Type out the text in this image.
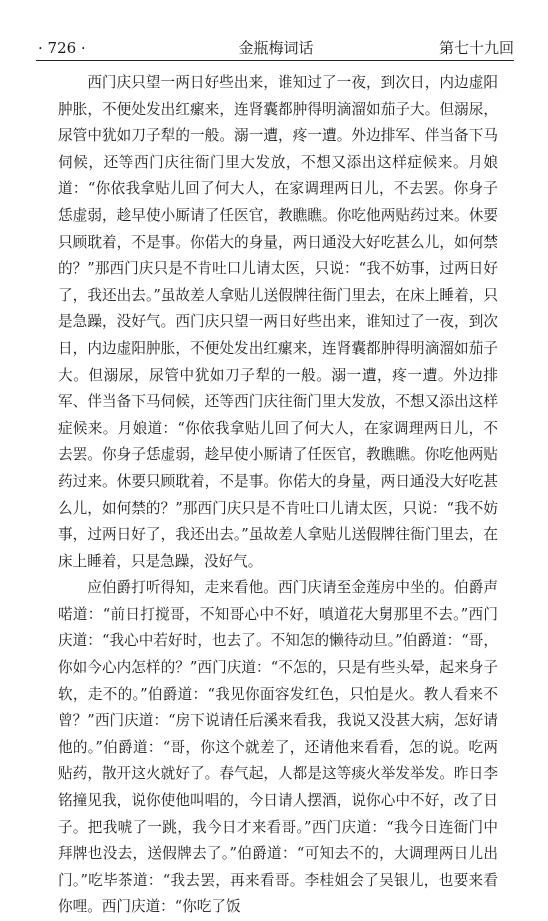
· 726 ·	金瓶梅词话	第七十九回

西门庆只望一两日好些出来，谁知过了一夜，到次日，内边虚阳肿胀，不便处发出红瘰来，连肾囊都肿得明滴溜如茄子大。但溺尿，尿管中犹如刀子犁的一般。溺一遭，疼一遭。外边排军、伴当备下马伺候，还等西门庆往衙门里大发放，不想又添出这样症候来。月娘道：“你依我拿贴儿回了何大人，在家调理两日儿，不去罢。你身子恁虚弱，趁早使小厮请了任医官，教瞧瞧。你吃他两贴药过来。休要只顾耽着，不是事。你偌大的身量，两日通没大好吃甚么儿，如何禁的？”那西门庆只是不肯吐口儿请太医，只说：“我不妨事，过两日好了，我还出去。”虽故差人拿贴儿送假牌往衙门里去，在床上睡着，只是急躁，没好气。西门庆只望一两日好些出来，谁知过了一夜，到次日，内边虚阳肿胀，不便处发出红瘰来，连肾囊都肿得明滴溜如茄子大。但溺尿，尿管中犹如刀子犁的一般。溺一遭，疼一遭。外边排军、伴当备下马伺候，还等西门庆往衙门里大发放，不想又添出这样症候来。月娘道：“你依我拿贴儿回了何大人，在家调理两日儿，不去罢。你身子恁虚弱，趁早使小厮请了任医官，教瞧瞧。你吃他两贴药过来。休要只顾耽着，不是事。你偌大的身量，两日通没大好吃甚么儿，如何禁的？”那西门庆只是不肯吐口儿请太医，只说：“我不妨事，过两日好了，我还出去。”虽故差人拿贴儿送假牌往衙门里去，在床上睡着，只是急躁，没好气。

应伯爵打听得知，走来看他。西门庆请至金莲房中坐的。伯爵声喏道：“前日打搅哥，不知哥心中不好，嗔道花大舅那里不去。”西门庆道：“我心中若好时，也去了。不知怎的懒待动旦。”伯爵道：“哥，你如今心内怎样的？”西门庆道：“不怎的，只是有些头晕，起来身子软，走不的。”伯爵道：“我见你面容发红色，只怕是火。教人看来不曾？”西门庆道：“房下说请任后溪来看我，我说又没甚大病，怎好请他的。”伯爵道：“哥，你这个就差了，还请他来看看，怎的说。吃两贴药，散开这火就好了。春气起，人都是这等痰火举发举发。昨日李铭撞见我，说你使他叫唱的，今日请人摆酒，说你心中不好，改了日子。把我唬了一跳，我今日才来看哥。”西门庆道：“我今日连衙门中拜牌也没去，送假牌去了。”伯爵道：“可知去不的，大调理两日儿出门。”吃毕茶道：“我去罢，再来看哥。李桂姐会了吴银儿，也要来看你哩。西门庆道：“你吃了饭
